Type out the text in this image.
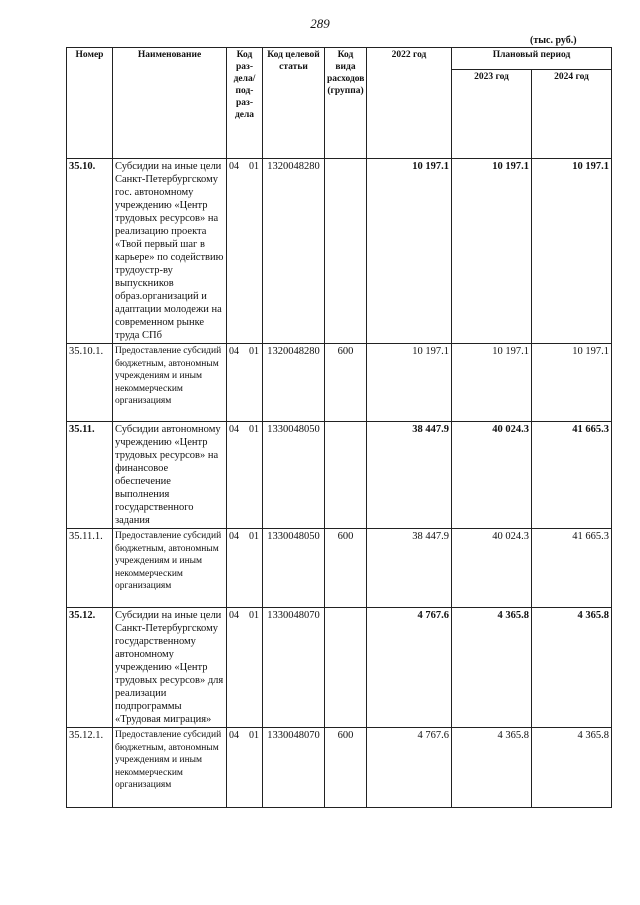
289
(тыс. руб.)
Номер	Наименование	Код раз- дела/ под- раз- дела	Код целевой статьи	Код вида расходов (группа)	2022 год	Плановый период	
						2023 год	2024 год
35.10.	Субсидии на иные цели Санкт-Петербургскому гос. автономному учреждению «Центр трудовых ресурсов» на реализацию проекта «Твой первый шаг в карьере» по содействию трудоустр-ву выпускников образ.организаций и адаптации молодежи на современном рынке труда СПб	04 01	1320048280		10 197.1	10 197.1	10 197.1
35.10.1.	Предоставление субсидий бюджетным, автономным учреждениям и иным некоммерческим организациям	04 01	1320048280	600	10 197.1	10 197.1	10 197.1
35.11.	Субсидии автономному учреждению «Центр трудовых ресурсов» на финансовое обеспечение выполнения государственного задания	04 01	1330048050		38 447.9	40 024.3	41 665.3
35.11.1.	Предоставление субсидий бюджетным, автономным учреждениям и иным некоммерческим организациям	04 01	1330048050	600	38 447.9	40 024.3	41 665.3
35.12.	Субсидии на иные цели Санкт-Петербургскому государственному автономному учреждению «Центр трудовых ресурсов» для реализации подпрограммы «Трудовая миграция»	04 01	1330048070		4 767.6	4 365.8	4 365.8
35.12.1.	Предоставление субсидий бюджетным, автономным учреждениям и иным некоммерческим организациям	04 01	1330048070	600	4 767.6	4 365.8	4 365.8
